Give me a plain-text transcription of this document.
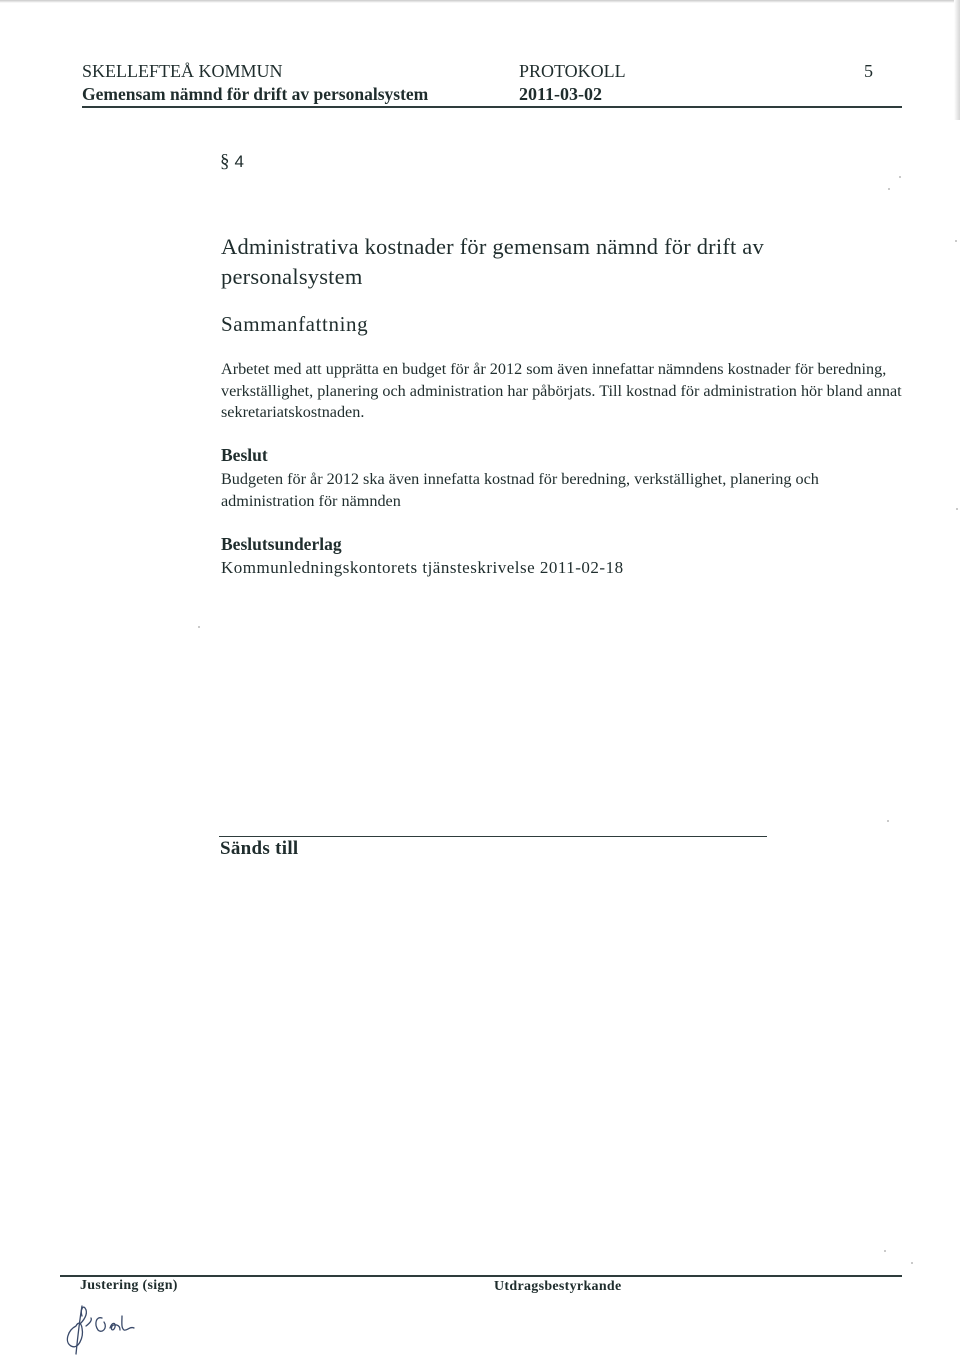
SKELLEFTEÅ KOMMUN
Gemensam nämnd för drift av personalsystem
PROTOKOLL
2011-03-02
5
§ 4
Administrativa kostnader för gemensam nämnd för drift av personalsystem
Sammanfattning
Arbetet med att upprätta en budget för år 2012 som även innefattar nämndens kostnader för beredning, verkställighet, planering och administration har påbörjats. Till kostnad för administration hör bland annat sekretariatskostnaden.
Beslut
Budgeten för år 2012 ska även innefatta kostnad för beredning, verkställighet, planering och administration för nämnden
Beslutsunderlag
Kommunledningskontorets tjänsteskrivelse 2011-02-18
Sänds till
Justering (sign)	Utdragsbestyrkande
